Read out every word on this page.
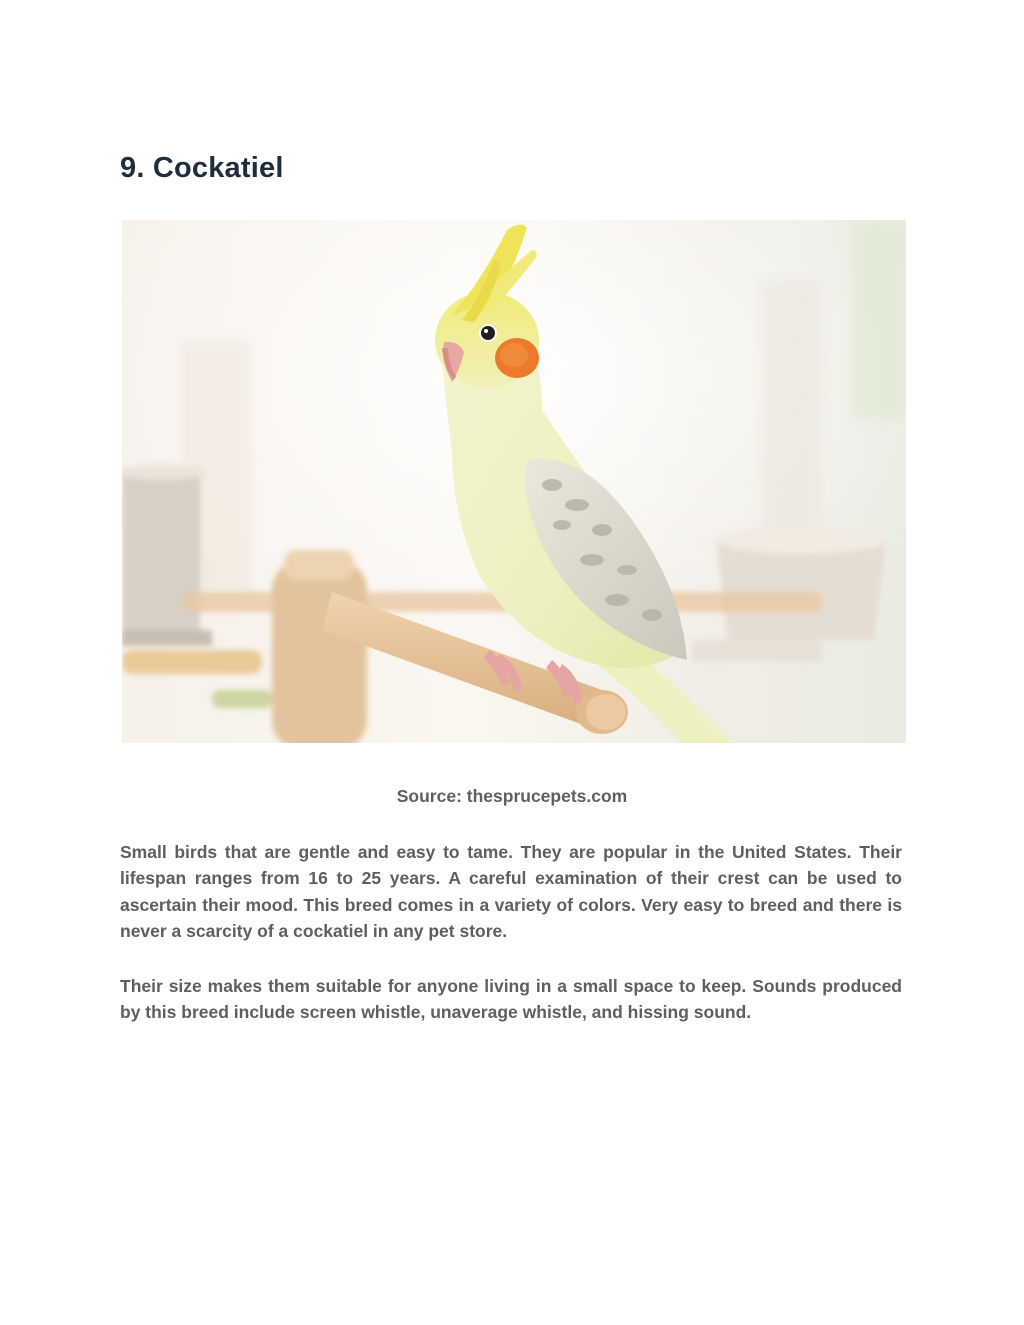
9. Cockatiel

Source: thesprucepets.com

Small birds that are gentle and easy to tame. They are popular in the United States. Their lifespan ranges from 16 to 25 years. A careful examination of their crest can be used to ascertain their mood. This breed comes in a variety of colors. Very easy to breed and there is never a scarcity of a cockatiel in any pet store.

Their size makes them suitable for anyone living in a small space to keep. Sounds produced by this breed include screen whistle, unaverage whistle, and hissing sound.
